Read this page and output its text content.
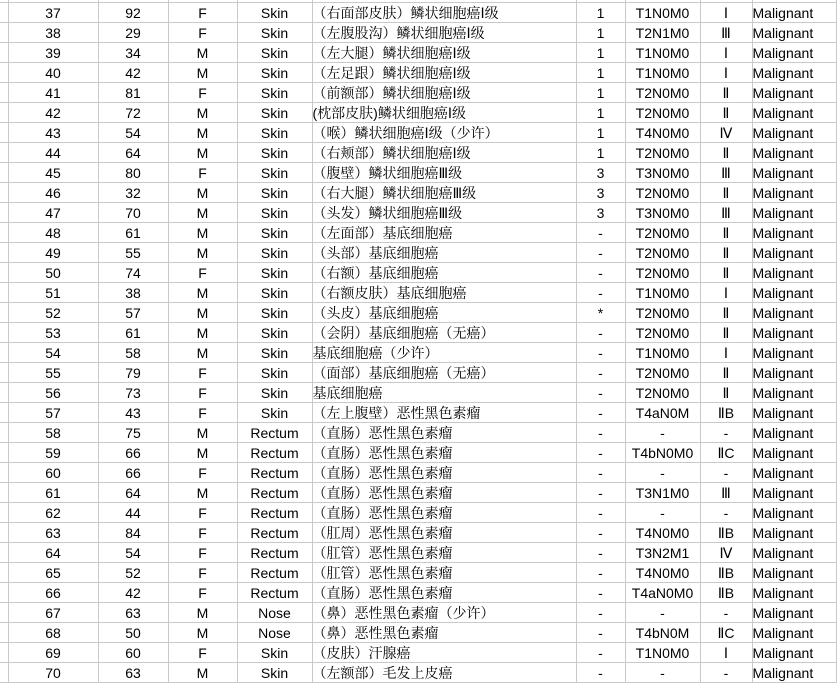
	37	92	F	Skin	（右面部皮肤）鳞状细胞癌Ⅰ级	1	T1N0M0	Ⅰ	Malignant
	38	29	F	Skin	（左腹股沟）鳞状细胞癌Ⅰ级	1	T2N1M0	Ⅲ	Malignant
	39	34	M	Skin	（左大腿）鳞状细胞癌Ⅰ级	1	T1N0M0	Ⅰ	Malignant
	40	42	M	Skin	（左足跟）鳞状细胞癌Ⅰ级	1	T1N0M0	Ⅰ	Malignant
	41	81	F	Skin	（前额部）鳞状细胞癌Ⅰ级	1	T2N0M0	Ⅱ	Malignant
	42	72	M	Skin	(枕部皮肤)鳞状细胞癌Ⅰ级	1	T2N0M0	Ⅱ	Malignant
	43	54	M	Skin	（喉）鳞状细胞癌Ⅰ级（少许）	1	T4N0M0	Ⅳ	Malignant
	44	64	M	Skin	（右颊部）鳞状细胞癌Ⅰ级	1	T2N0M0	Ⅱ	Malignant
	45	80	F	Skin	（腹壁）鳞状细胞癌Ⅲ级	3	T3N0M0	Ⅲ	Malignant
	46	32	M	Skin	（右大腿）鳞状细胞癌Ⅲ级	3	T2N0M0	Ⅱ	Malignant
	47	70	M	Skin	（头发）鳞状细胞癌Ⅲ级	3	T3N0M0	Ⅲ	Malignant
	48	61	M	Skin	（左面部）基底细胞癌	-	T2N0M0	Ⅱ	Malignant
	49	55	M	Skin	（头部）基底细胞癌	-	T2N0M0	Ⅱ	Malignant
	50	74	F	Skin	（右额）基底细胞癌	-	T2N0M0	Ⅱ	Malignant
	51	38	M	Skin	（右额皮肤）基底细胞癌	-	T1N0M0	Ⅰ	Malignant
	52	57	M	Skin	（头皮）基底细胞癌	*	T2N0M0	Ⅱ	Malignant
	53	61	M	Skin	（会阴）基底细胞癌（无癌）	-	T2N0M0	Ⅱ	Malignant
	54	58	M	Skin	基底细胞癌（少许）	-	T1N0M0	Ⅰ	Malignant
	55	79	F	Skin	（面部）基底细胞癌（无癌）	-	T2N0M0	Ⅱ	Malignant
	56	73	F	Skin	基底细胞癌	-	T2N0M0	Ⅱ	Malignant
	57	43	F	Skin	（左上腹壁）恶性黑色素瘤	-	T4aN0M	ⅡB	Malignant
	58	75	M	Rectum	（直肠）恶性黑色素瘤	-	-	-	Malignant
	59	66	M	Rectum	（直肠）恶性黑色素瘤	-	T4bN0M0	ⅡC	Malignant
	60	66	F	Rectum	（直肠）恶性黑色素瘤	-	-	-	Malignant
	61	64	M	Rectum	（直肠）恶性黑色素瘤	-	T3N1M0	Ⅲ	Malignant
	62	44	F	Rectum	（直肠）恶性黑色素瘤	-	-	-	Malignant
	63	84	F	Rectum	（肛周）恶性黑色素瘤	-	T4N0M0	ⅡB	Malignant
	64	54	F	Rectum	（肛管）恶性黑色素瘤	-	T3N2M1	Ⅳ	Malignant
	65	52	F	Rectum	（肛管）恶性黑色素瘤	-	T4N0M0	ⅡB	Malignant
	66	42	F	Rectum	（直肠）恶性黑色素瘤	-	T4aN0M0	ⅡB	Malignant
	67	63	M	Nose	（鼻）恶性黑色素瘤（少许）	-	-	-	Malignant
	68	50	M	Nose	（鼻）恶性黑色素瘤	-	T4bN0M	ⅡC	Malignant
	69	60	F	Skin	（皮肤）汗腺癌	-	T1N0M0	Ⅰ	Malignant
	70	63	M	Skin	（左额部）毛发上皮癌	-	-	-	Malignant
